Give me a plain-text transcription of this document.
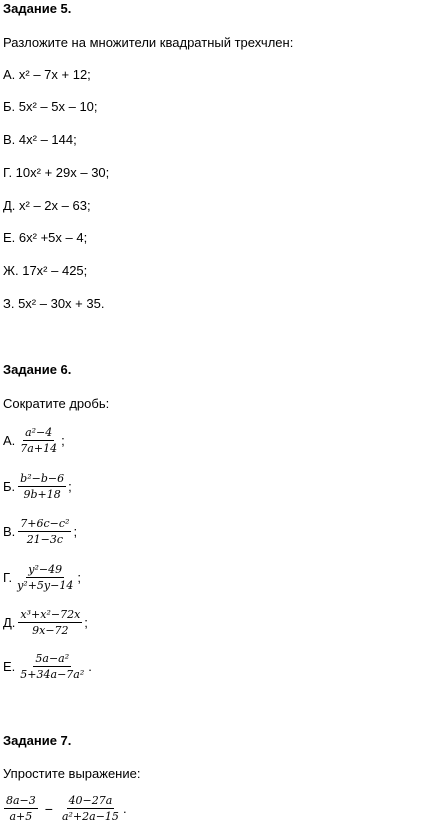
Задание 5.
Разложите на множители квадратный трехчлен:
А. x² – 7x + 12;
Б. 5x² – 5x – 10;
В. 4x² – 144;
Г. 10x² + 29x – 30;
Д. x² – 2x – 63;
Е. 6x² +5x – 4;
Ж. 17x² – 425;
З. 5x² – 30x + 35.
Задание 6.
Сократите дробь:
А. $\frac{\text{a²−4}}{7a+14}$ ;
Б. $\frac{\text{b²−b−6}}{9b+18}$ ;
В. $\frac{\text{7+6c−c²}}{21-3c}$ ;
Г. $\frac{\text{y²−49}}{\text{y²+5y−14}}$ ;
Д. $\frac{\text{x³+x²−72x}}{9x-72}$ ;
Е. $\frac{\text{5a−a²}}{\text{5+34a−7a²}}$ .
Задание 7.
Упростите выражение:
$\frac{8a-3}{a+5} - \frac{40-27a}{\text{a²+2a−15}}$ .
